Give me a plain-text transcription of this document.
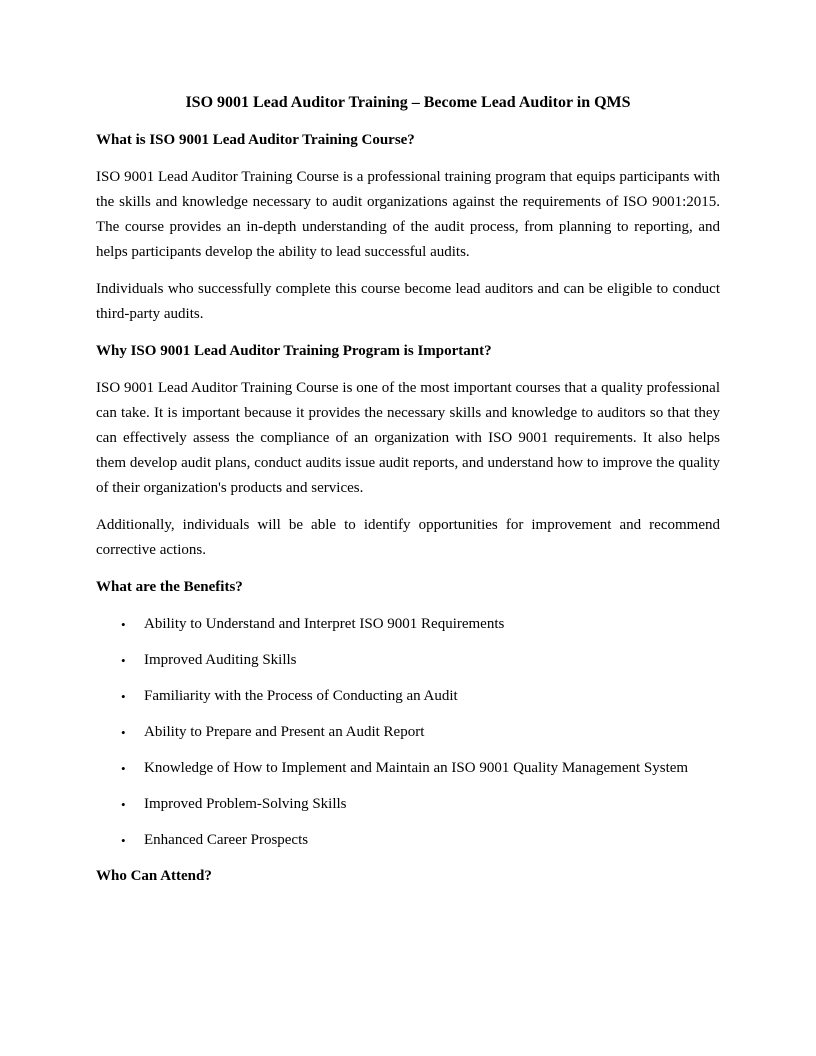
ISO 9001 Lead Auditor Training – Become Lead Auditor in QMS
What is ISO 9001 Lead Auditor Training Course?

ISO 9001 Lead Auditor Training Course is a professional training program that equips participants with the skills and knowledge necessary to audit organizations against the requirements of ISO 9001:2015. The course provides an in-depth understanding of the audit process, from planning to reporting, and helps participants develop the ability to lead successful audits.

Individuals who successfully complete this course become lead auditors and can be eligible to conduct third-party audits.

Why ISO 9001 Lead Auditor Training Program is Important?

ISO 9001 Lead Auditor Training Course is one of the most important courses that a quality professional can take. It is important because it provides the necessary skills and knowledge to auditors so that they can effectively assess the compliance of an organization with ISO 9001 requirements. It also helps them develop audit plans, conduct audits issue audit reports, and understand how to improve the quality of their organization's products and services.

Additionally, individuals will be able to identify opportunities for improvement and recommend corrective actions.

What are the Benefits?
•	Ability to Understand and Interpret ISO 9001 Requirements
•	Improved Auditing Skills
•	Familiarity with the Process of Conducting an Audit
•	Ability to Prepare and Present an Audit Report
•	Knowledge of How to Implement and Maintain an ISO 9001 Quality Management System
•	Improved Problem-Solving Skills
•	Enhanced Career Prospects
Who Can Attend?
